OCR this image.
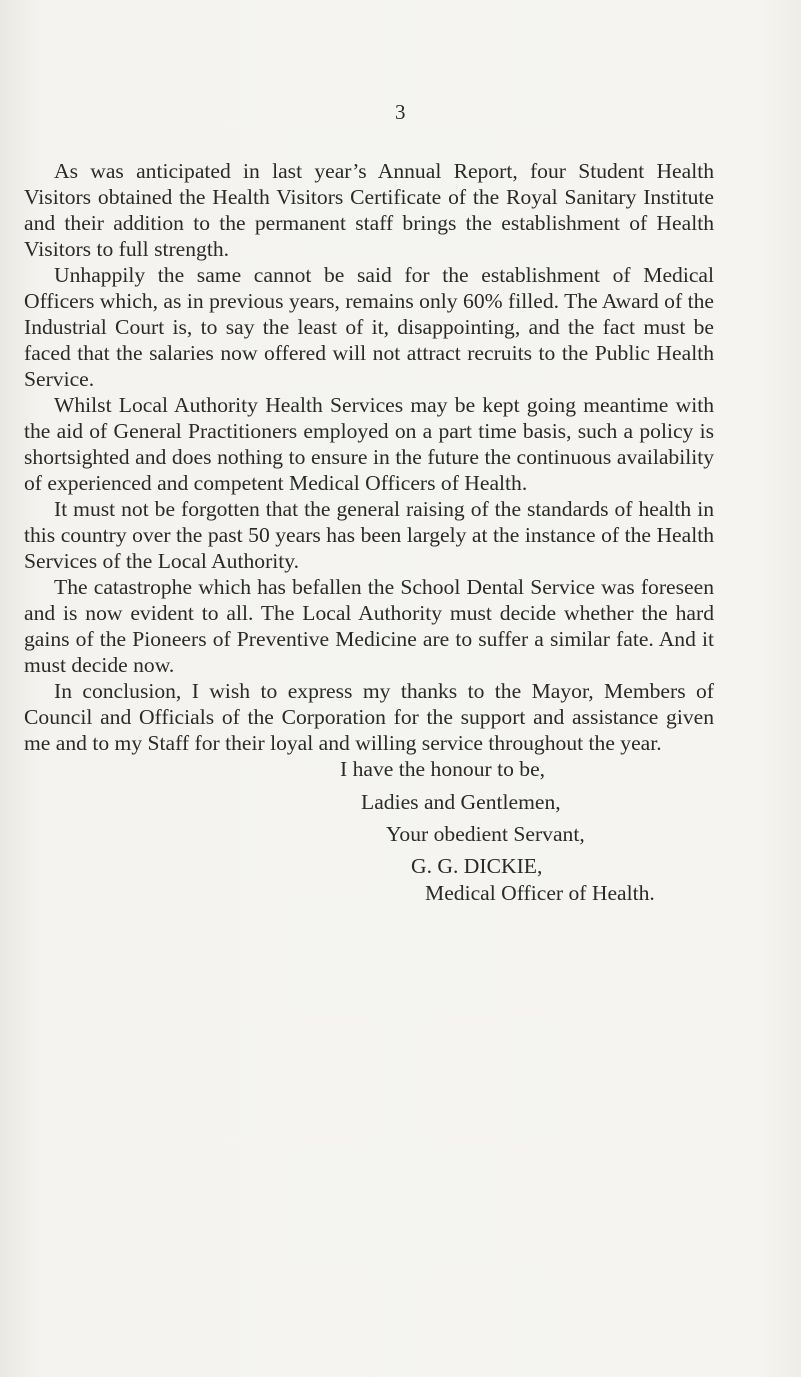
3

As was anticipated in last year’s Annual Report, four Student Health Visitors obtained the Health Visitors Certificate of the Royal Sanitary Institute and their addition to the permanent staff brings the establishment of Health Visitors to full strength.

Unhappily the same cannot be said for the establishment of Medical Officers which, as in previous years, remains only 60% filled. The Award of the Industrial Court is, to say the least of it, disappointing, and the fact must be faced that the salaries now offered will not attract recruits to the Public Health Service.

Whilst Local Authority Health Services may be kept going meantime with the aid of General Practitioners employed on a part time basis, such a policy is shortsighted and does nothing to ensure in the future the continuous availability of experienced and competent Medical Officers of Health.

It must not be forgotten that the general raising of the standards of health in this country over the past 50 years has been largely at the instance of the Health Services of the Local Authority.

The catastrophe which has befallen the School Dental Service was foreseen and is now evident to all. The Local Authority must decide whether the hard gains of the Pioneers of Preventive Medicine are to suffer a similar fate. And it must decide now.

In conclusion, I wish to express my thanks to the Mayor, Members of Council and Officials of the Corporation for the support and assistance given me and to my Staff for their loyal and willing service throughout the year.

I have the honour to be,
Ladies and Gentlemen,
Your obedient Servant,
G. G. DICKIE,
Medical Officer of Health.
